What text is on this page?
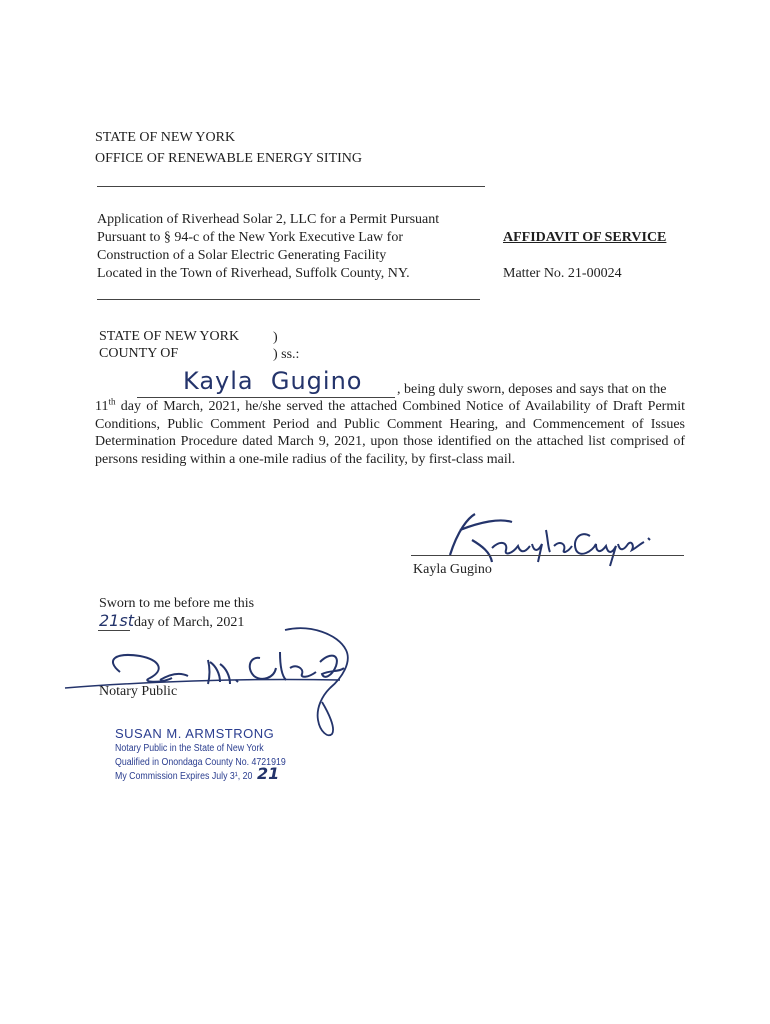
STATE OF NEW YORK
OFFICE OF RENEWABLE ENERGY SITING
Application of Riverhead Solar 2, LLC for a Permit Pursuant
Pursuant to § 94-c of the New York Executive Law for
Construction of a Solar Electric Generating Facility
Located in the Town of Riverhead, Suffolk County, NY.
AFFIDAVIT OF SERVICE
Matter No. 21-00024
STATE OF NEW YORK )
COUNTY OF	) ss.:
Kayla  Gugino , being duly sworn, deposes and says that on the
11th day of March, 2021, he/she served the attached Combined Notice of Availability of Draft Permit Conditions, Public Comment Period and Public Comment Hearing, and Commencement of Issues Determination Procedure dated March 9, 2021, upon those identified on the attached list comprised of persons residing within a one-mile radius of the facility, by first-class mail.
Kayla Gugino
Sworn to me before me this
21st day of March, 2021
Notary Public
SUSAN M. ARMSTRONG
Notary Public in the State of New York
Qualified in Onondaga County No. 4721919
My Commission Expires July 3¹, 20 21
